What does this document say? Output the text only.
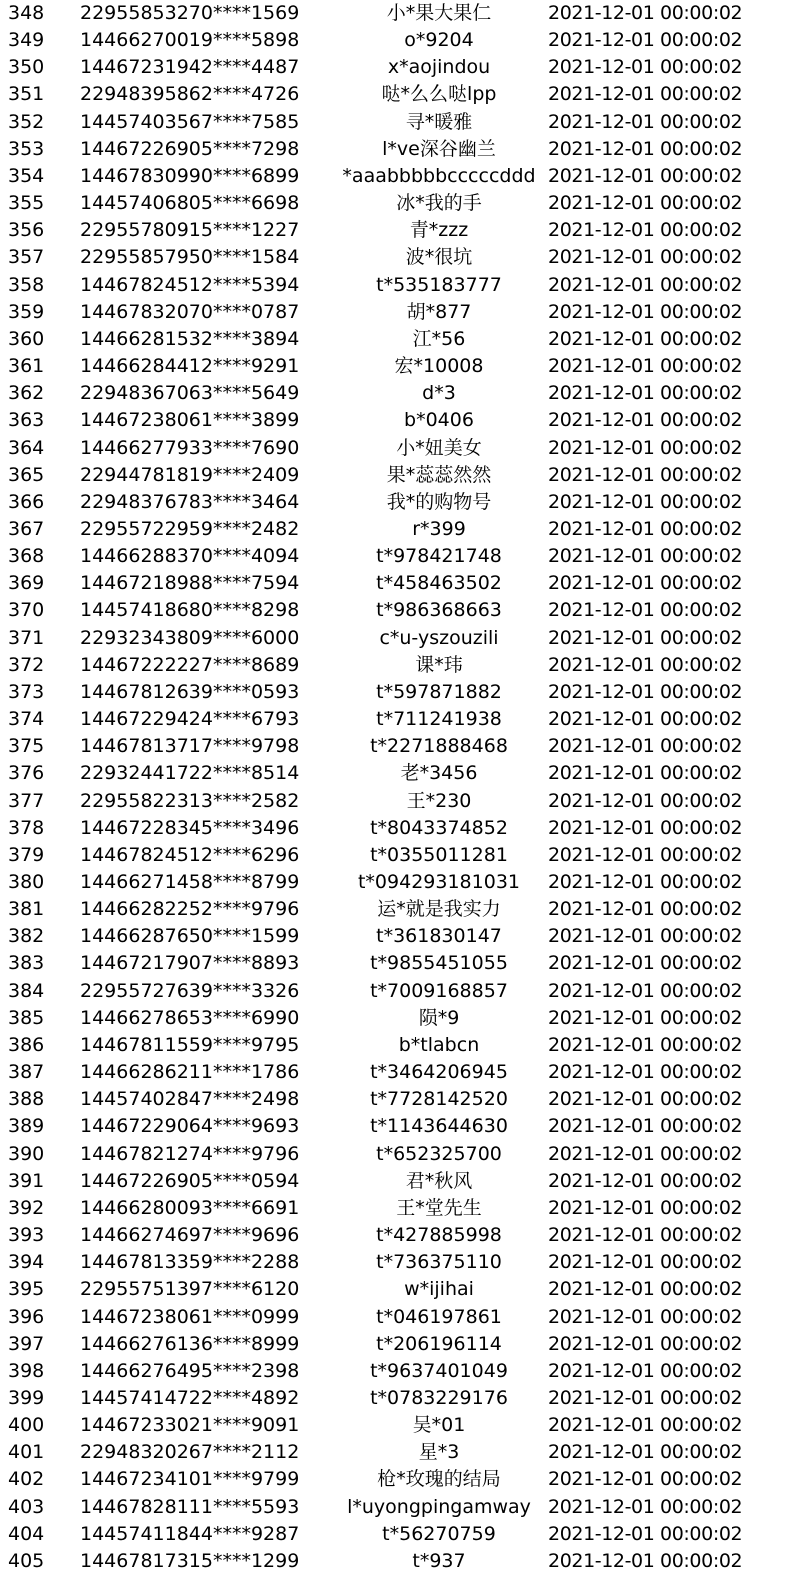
348	22955853270****1569	小*果大果仁	2021-12-01 00:00:02
349	14466270019****5898	o*9204	2021-12-01 00:00:02
350	14467231942****4487	x*aojindou	2021-12-01 00:00:02
351	22948395862****4726	哒*么么哒lpp	2021-12-01 00:00:02
352	14457403567****7585	寻*暖雅	2021-12-01 00:00:02
353	14467226905****7298	l*ve深谷幽兰	2021-12-01 00:00:02
354	14467830990****6899	*aaabbbbbcccccddd 2021-12-01 00:00:02
355	14457406805****6698	冰*我的手	2021-12-01 00:00:02
356	22955780915****1227	青*zzz	2021-12-01 00:00:02
357	22955857950****1584	波*很坑	2021-12-01 00:00:02
358	14467824512****5394	t*535183777	2021-12-01 00:00:02
359	14467832070****0787	胡*877	2021-12-01 00:00:02
360	14466281532****3894	江*56	2021-12-01 00:00:02
361	14466284412****9291	宏*10008	2021-12-01 00:00:02
362	22948367063****5649	d*3	2021-12-01 00:00:02
363	14467238061****3899	b*0406	2021-12-01 00:00:02
364	14466277933****7690	小*妞美女	2021-12-01 00:00:02
365	22944781819****2409	果*蕊蕊然然	2021-12-01 00:00:02
366	22948376783****3464	我*的购物号	2021-12-01 00:00:02
367	22955722959****2482	r*399	2021-12-01 00:00:02
368	14466288370****4094	t*978421748	2021-12-01 00:00:02
369	14467218988****7594	t*458463502	2021-12-01 00:00:02
370	14457418680****8298	t*986368663	2021-12-01 00:00:02
371	22932343809****6000	c*u-yszouzili	2021-12-01 00:00:02
372	14467222227****8689	课*玮	2021-12-01 00:00:02
373	14467812639****0593	t*597871882	2021-12-01 00:00:02
374	14467229424****6793	t*711241938	2021-12-01 00:00:02
375	14467813717****9798	t*2271888468	2021-12-01 00:00:02
376	22932441722****8514	老*3456	2021-12-01 00:00:02
377	22955822313****2582	王*230	2021-12-01 00:00:02
378	14467228345****3496	t*8043374852	2021-12-01 00:00:02
379	14467824512****6296	t*0355011281	2021-12-01 00:00:02
380	14466271458****8799	t*094293181031	2021-12-01 00:00:02
381	14466282252****9796	运*就是我实力	2021-12-01 00:00:02
382	14466287650****1599	t*361830147	2021-12-01 00:00:02
383	14467217907****8893	t*9855451055	2021-12-01 00:00:02
384	22955727639****3326	t*7009168857	2021-12-01 00:00:02
385	14466278653****6990	陨*9	2021-12-01 00:00:02
386	14467811559****9795	b*tlabcn	2021-12-01 00:00:02
387	14466286211****1786	t*3464206945	2021-12-01 00:00:02
388	14457402847****2498	t*7728142520	2021-12-01 00:00:02
389	14467229064****9693	t*1143644630	2021-12-01 00:00:02
390	14467821274****9796	t*652325700	2021-12-01 00:00:02
391	14467226905****0594	君*秋风	2021-12-01 00:00:02
392	14466280093****6691	王*堂先生	2021-12-01 00:00:02
393	14466274697****9696	t*427885998	2021-12-01 00:00:02
394	14467813359****2288	t*736375110	2021-12-01 00:00:02
395	22955751397****6120	w*ijihai	2021-12-01 00:00:02
396	14467238061****0999	t*046197861	2021-12-01 00:00:02
397	14466276136****8999	t*206196114	2021-12-01 00:00:02
398	14466276495****2398	t*9637401049	2021-12-01 00:00:02
399	14457414722****4892	t*0783229176	2021-12-01 00:00:02
400	14467233021****9091	吴*01	2021-12-01 00:00:02
401	22948320267****2112	星*3	2021-12-01 00:00:02
402	14467234101****9799	枪*玫瑰的结局	2021-12-01 00:00:02
403	14467828111****5593	l*uyongpingamway 2021-12-01 00:00:02
404	14457411844****9287	t*56270759	2021-12-01 00:00:02
405	14467817315****1299	t*937	2021-12-01 00:00:02
